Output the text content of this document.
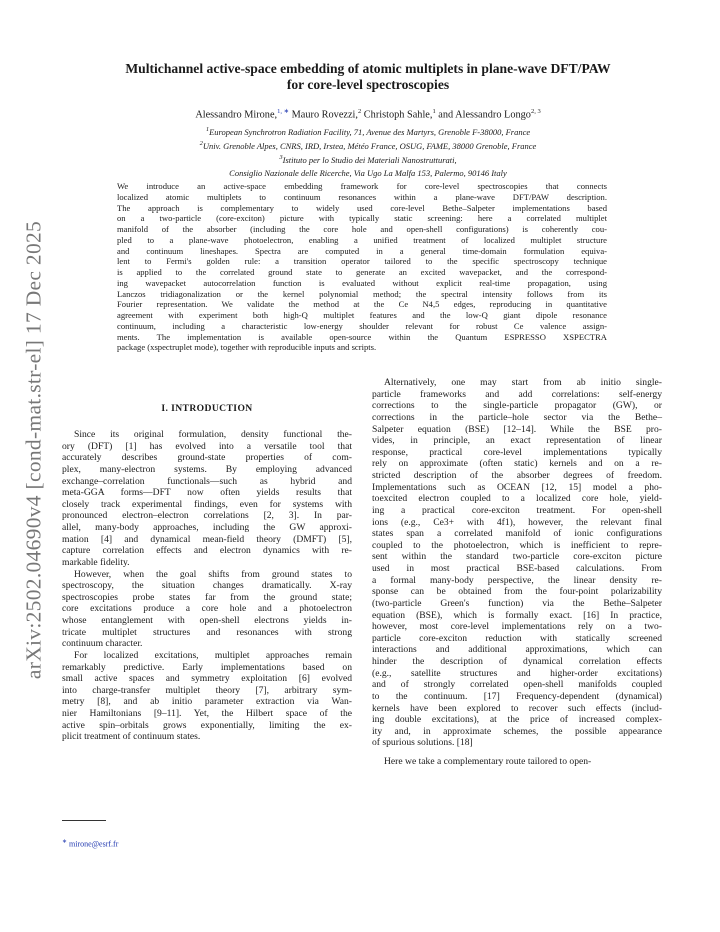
arXiv:2502.04690v4 [cond-mat.str-el] 17 Dec 2025
Multichannel active-space embedding of atomic multiplets in plane-wave DFT/PAW
for core-level spectroscopies
Alessandro Mirone,$^{1, ∗}$ Mauro Rovezzi,$^2$ Christoph Sahle,$^1$ and Alessandro Longo$^{2, 3}$
$^1$European Synchrotron Radiation Facility, 71, Avenue des Martyrs, Grenoble F-38000, France
$^2$Univ. Grenoble Alpes, CNRS, IRD, Irstea, Météo France, OSUG, FAME, 38000 Grenoble, France
$^3$Istituto per lo Studio dei Materiali Nanostrutturati,
Consiglio Nazionale delle Ricerche, Via Ugo La Malfa 153, Palermo, 90146 Italy
We introduce an active-space embedding framework for core-level spectroscopies that connects
localized atomic multiplets to continuum resonances within a plane-wave DFT/PAW description.
The approach is complementary to widely used core-level Bethe–Salpeter implementations based
on a two-particle (core-exciton) picture with typically static screening: here a correlated multiplet
manifold of the absorber (including the core hole and open-shell configurations) is coherently cou-
pled to a plane-wave photoelectron, enabling a unified treatment of localized multiplet structure
and continuum lineshapes. Spectra are computed in a general time-domain formulation equiva-
lent to Fermi's golden rule: a transition operator tailored to the specific spectroscopy technique
is applied to the correlated ground state to generate an excited wavepacket, and the correspond-
ing wavepacket autocorrelation function is evaluated without explicit real-time propagation, using
Lanczos tridiagonalization or the kernel polynomial method; the spectral intensity follows from its
Fourier representation. We validate the method at the Ce N4,5 edges, reproducing in quantitative
agreement with experiment both high-Q multiplet features and the low-Q giant dipole resonance
continuum, including a characteristic low-energy shoulder relevant for robust Ce valence assign-
ments. The implementation is available open-source within the Quantum ESPRESSO XSPECTRA
package (xspectruplet mode), together with reproducible inputs and scripts.
I. INTRODUCTION
Since its original formulation, density functional the-
ory (DFT) [1] has evolved into a versatile tool that
accurately describes ground-state properties of com-
plex, many-electron systems. By employing advanced
exchange–correlation functionals—such as hybrid and
meta-GGA forms—DFT now often yields results that
closely track experimental findings, even for systems with
pronounced electron–electron correlations [2, 3]. In par-
allel, many-body approaches, including the GW approxi-
mation [4] and dynamical mean-field theory (DMFT) [5],
capture correlation effects and electron dynamics with re-
markable fidelity.
However, when the goal shifts from ground states to
spectroscopy, the situation changes dramatically. X-ray
spectroscopies probe states far from the ground state;
core excitations produce a core hole and a photoelectron
whose entanglement with open-shell electrons yields in-
tricate multiplet structures and resonances with strong
continuum character.
For localized excitations, multiplet approaches remain
remarkably predictive. Early implementations based on
small active spaces and symmetry exploitation [6] evolved
into charge-transfer multiplet theory [7], arbitrary sym-
metry [8], and ab initio parameter extraction via Wan-
nier Hamiltonians [9–11]. Yet, the Hilbert space of the
active spin–orbitals grows exponentially, limiting the ex-
plicit treatment of continuum states.
Alternatively, one may start from ab initio single-
particle frameworks and add correlations: self-energy
corrections to the single-particle propagator (GW), or
corrections in the particle–hole sector via the Bethe–
Salpeter equation (BSE) [12–14]. While the BSE pro-
vides, in principle, an exact representation of linear
response, practical core-level implementations typically
rely on approximate (often static) kernels and on a re-
stricted description of the absorber degrees of freedom.
Implementations such as OCEAN [12, 15] model a pho-
toexcited electron coupled to a localized core hole, yield-
ing a practical core-exciton treatment. For open-shell
ions (e.g., Ce3+ with 4f1), however, the relevant final
states span a correlated manifold of ionic configurations
coupled to the photoelectron, which is inefficient to repre-
sent within the standard two-particle core-exciton picture
used in most practical BSE-based calculations. From
a formal many-body perspective, the linear density re-
sponse can be obtained from the four-point polarizability
(two-particle Green's function) via the Bethe–Salpeter
equation (BSE), which is formally exact. [16] In practice,
however, most core-level implementations rely on a two-
particle core-exciton reduction with statically screened
interactions and additional approximations, which can
hinder the description of dynamical correlation effects
(e.g., satellite structures and higher-order excitations)
and of strongly correlated open-shell manifolds coupled
to the continuum. [17] Frequency-dependent (dynamical)
kernels have been explored to recover such effects (includ-
ing double excitations), at the price of increased complex-
ity and, in approximate schemes, the possible appearance
of spurious solutions. [18]
Here we take a complementary route tailored to open-
∗ mirone@esrf.fr
